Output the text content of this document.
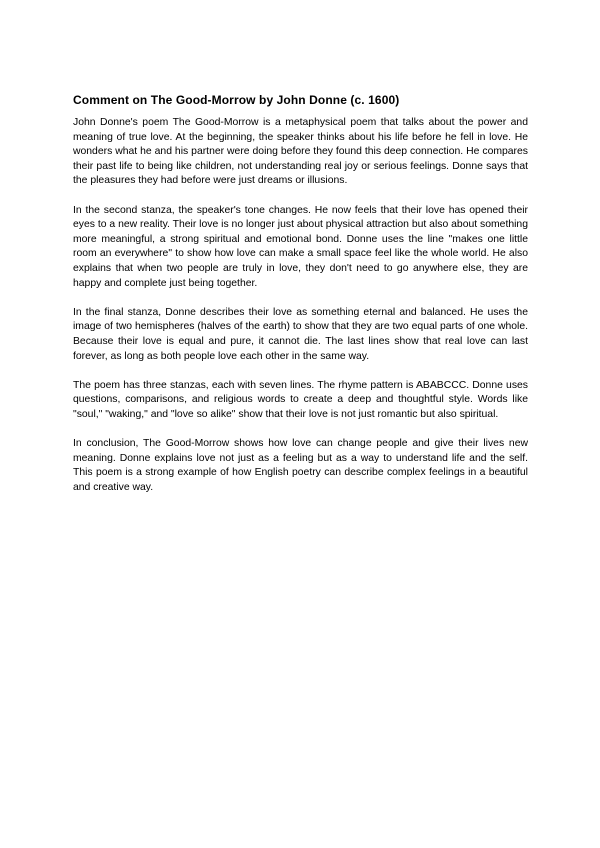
Comment on The Good-Morrow by John Donne (c. 1600)

John Donne's poem The Good-Morrow is a metaphysical poem that talks about the power and meaning of true love. At the beginning, the speaker thinks about his life before he fell in love. He wonders what he and his partner were doing before they found this deep connection. He compares their past life to being like children, not understanding real joy or serious feelings. Donne says that the pleasures they had before were just dreams or illusions.

In the second stanza, the speaker's tone changes. He now feels that their love has opened their eyes to a new reality. Their love is no longer just about physical attraction but also about something more meaningful, a strong spiritual and emotional bond. Donne uses the line "makes one little room an everywhere" to show how love can make a small space feel like the whole world. He also explains that when two people are truly in love, they don't need to go anywhere else, they are happy and complete just being together.

In the final stanza, Donne describes their love as something eternal and balanced. He uses the image of two hemispheres (halves of the earth) to show that they are two equal parts of one whole. Because their love is equal and pure, it cannot die. The last lines show that real love can last forever, as long as both people love each other in the same way.

The poem has three stanzas, each with seven lines. The rhyme pattern is ABABCCC. Donne uses questions, comparisons, and religious words to create a deep and thoughtful style. Words like "soul," "waking," and "love so alike" show that their love is not just romantic but also spiritual.

In conclusion, The Good-Morrow shows how love can change people and give their lives new meaning. Donne explains love not just as a feeling but as a way to understand life and the self. This poem is a strong example of how English poetry can describe complex feelings in a beautiful and creative way.
